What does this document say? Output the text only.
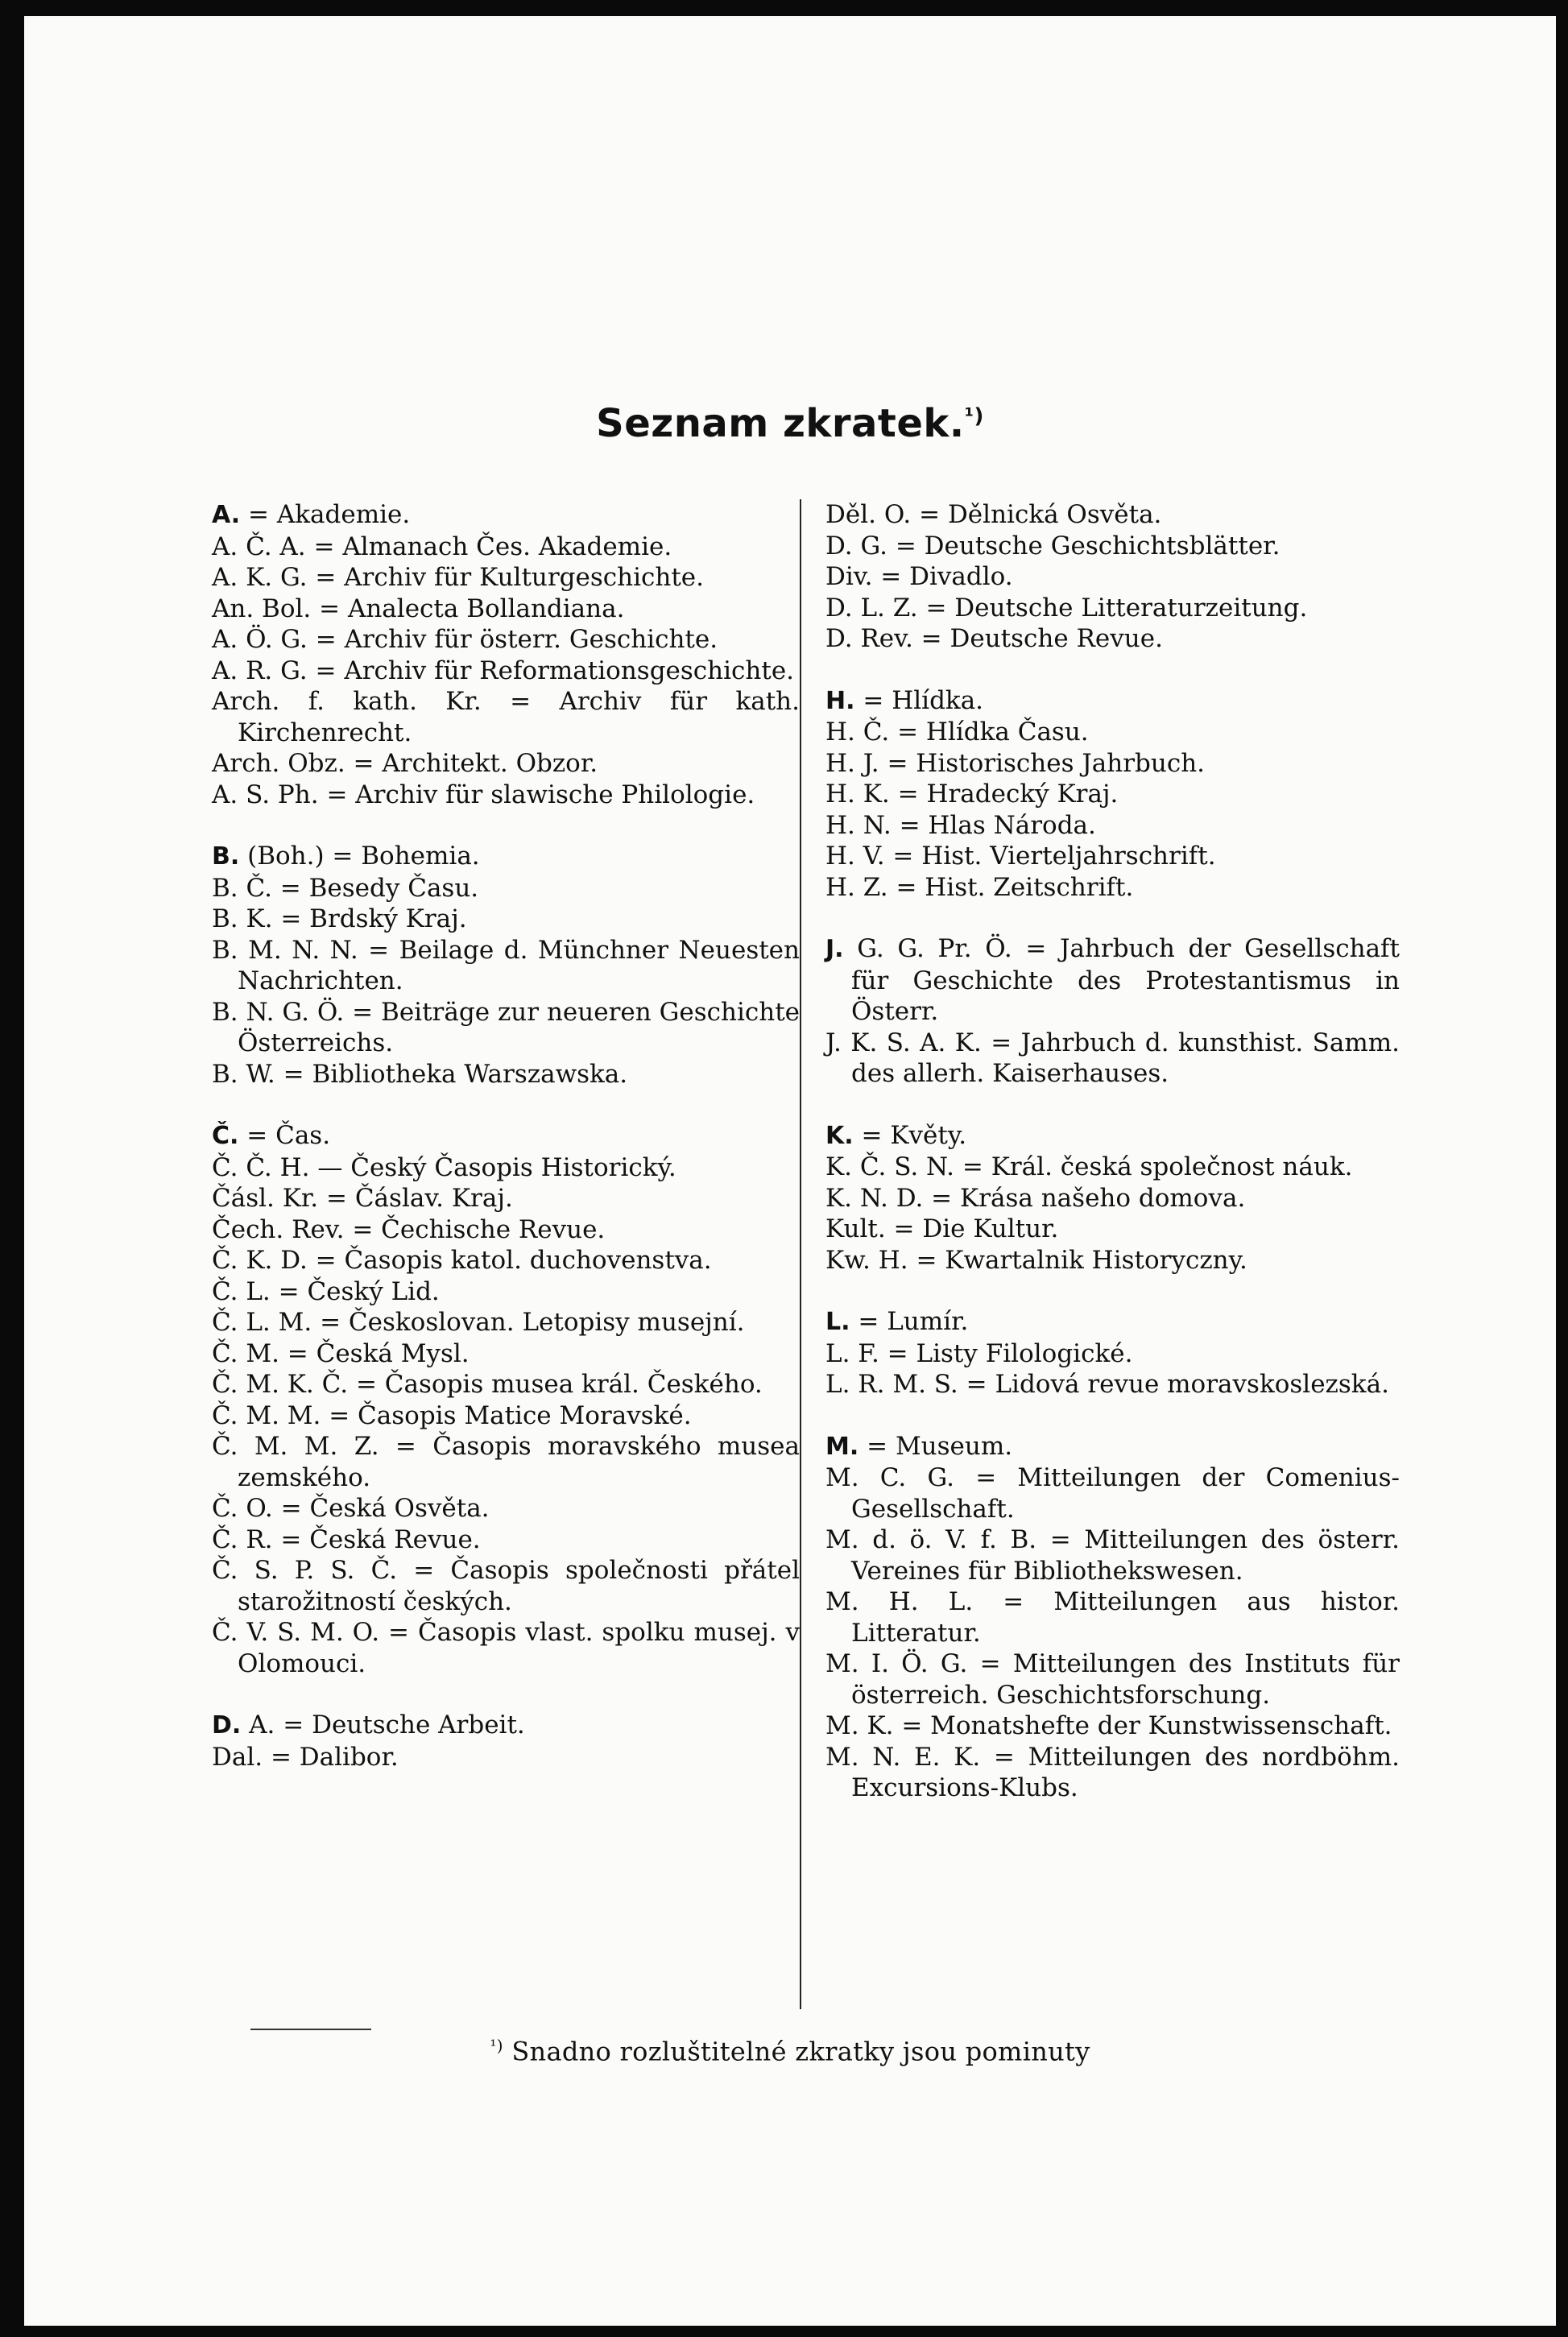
Seznam zkratek.$^{^1)}$

A. = Akademie.

A. Č. A. = Almanach Čes. Akademie.

A. K. G. = Archiv für Kulturgeschichte.

An. Bol. = Analecta Bollandiana.

A. Ö. G. = Archiv für österr. Geschichte.

A. R. G. = Archiv für Reformationsgeschichte.

Arch. f. kath. Kr. = Archiv für kath. Kirchenrecht.

Arch. Obz. = Architekt. Obzor.

A. S. Ph. = Archiv für slawische Philologie.

B. (Boh.) = Bohemia.

B. Č. = Besedy Času.

B. K. = Brdský Kraj.

B. M. N. N. = Beilage d. Münchner Neuesten Nachrichten.

B. N. G. Ö. = Beiträge zur neueren Geschichte Österreichs.

B. W. = Bibliotheka Warszawska.

Č. = Čas.

Č. Č. H. — Český Časopis Historický.

Čásl. Kr. = Čáslav. Kraj.

Čech. Rev. = Čechische Revue.

Č. K. D. = Časopis katol. duchovenstva.

Č. L. = Český Lid.

Č. L. M. = Českoslovan. Letopisy musejní.

Č. M. = Česká Mysl.

Č. M. K. Č. = Časopis musea král. Českého.

Č. M. M. = Časopis Matice Moravské.

Č. M. M. Z. = Časopis moravského musea zemského.

Č. O. = Česká Osvěta.

Č. R. = Česká Revue.

Č. S. P. S. Č. = Časopis společnosti přátel starožitností českých.

Č. V. S. M. O. = Časopis vlast. spolku musej. v Olomouci.

D. A. = Deutsche Arbeit.

Dal. = Dalibor.

Děl. O. = Dělnická Osvěta.

D. G. = Deutsche Geschichtsblätter.

Div. = Divadlo.

D. L. Z. = Deutsche Litteraturzeitung.

D. Rev. = Deutsche Revue.

H. = Hlídka.

H. Č. = Hlídka Času.

H. J. = Historisches Jahrbuch.

H. K. = Hradecký Kraj.

H. N. = Hlas Národa.

H. V. = Hist. Vierteljahrschrift.

H. Z. = Hist. Zeitschrift.

J. G. G. Pr. Ö. = Jahrbuch der Gesellschaft für Geschichte des Protestantismus in Österr.

J. K. S. A. K. = Jahrbuch d. kunsthist. Samm. des allerh. Kaiserhauses.

K. = Květy.

K. Č. S. N. = Král. česká společnost náuk.

K. N. D. = Krása našeho domova.

Kult. = Die Kultur.

Kw. H. = Kwartalnik Historyczny.

L. = Lumír.

L. F. = Listy Filologické.

L. R. M. S. = Lidová revue moravskoslezská.

M. = Museum.

M. C. G. = Mitteilungen der Comenius-Gesellschaft.

M. d. ö. V. f. B. = Mitteilungen des österr. Vereines für Bibliothekswesen.

M. H. L. = Mitteilungen aus histor. Litteratur.

M. I. Ö. G. = Mitteilungen des Instituts für österreich. Geschichtsforschung.

M. K. = Monatshefte der Kunstwissenschaft.

M. N. E. K. = Mitteilungen des nordböhm. Excursions-Klubs.

$^{^1)}$ Snadno rozluštitelné zkratky jsou pominuty
